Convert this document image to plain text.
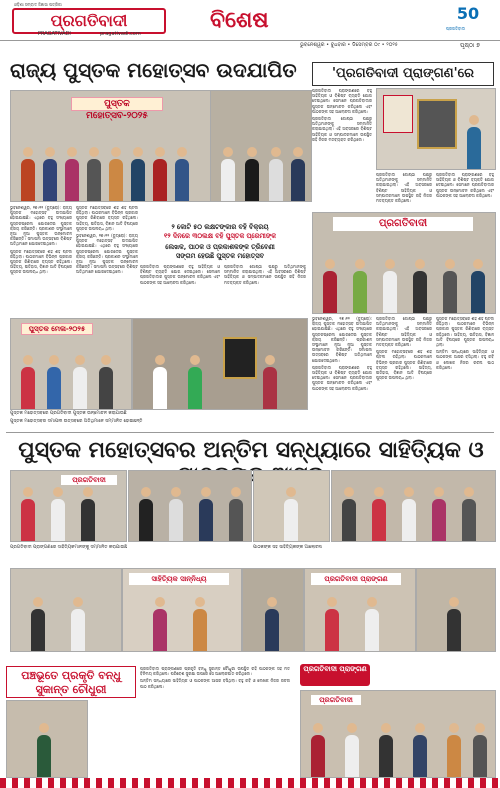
ଓଡ଼ିଶା ସମ୍ବାଦ ଜିଜ୍ଞାସା ପତ୍ରିକା
ପ୍ରଗତିବାଦୀ
PRAGATIVADI	pragativadi.com
ବିଶେଷ	50
ପ୍ରଗତିବାଦୀ
ଭୁବନେଶ୍ୱର • ବୁଧବାର • ଡିସେମ୍ବର ୦୯ • ୨୦୨୫	ପୃଷ୍ଠା ୭
ରାଜ୍ୟ ପୁସ୍ତକ ମହୋତ୍ସବ ଉଦଯାପିତ	'ପ୍ରଗତିବାଦୀ ପ୍ରାଙ୍ଗଣ'ରେ
ପୁସ୍ତକ ମହୋତ୍ସବ-୨୦୨୫

ଭୁବନେଶ୍ୱର, ୧୭।୧୨ (ବ୍ୟୁରୋ): ରାଜ୍ୟ ପୁସ୍ତକ ମହୋତ୍ସବ ଉଦଯାପିତ ହୋଇଯାଇଛି। ଏଥିରେ ବହୁ ସଂଖ୍ୟାରେ ପୁସ୍ତକପ୍ରେମୀ ଯୋଗଦେଇ ପୁସ୍ତକ କ୍ରୟ କରିଛନ୍ତି। ପ୍ରକାଶନ ସଂସ୍ଥାମାନେ ନୂଆ ନୂଆ ପୁସ୍ତକ ଉନ୍ମୋଚନ କରିଛନ୍ତି। ସମାପନୀ ଉତ୍ସବରେ ବିଶିଷ୍ଟ ଅତିଥିମାନେ ଯୋଗଦେଇଥିଲେ।

ପୁସ୍ତକ ମହୋତ୍ସବରେ ଶହ ଶହ ଷ୍ଟଲ ରହିଥିଲା। ପାଠକମାନେ ବିଭିନ୍ନ ପ୍ରକାର ପୁସ୍ତକ କିଣିବାରେ ବ୍ୟସ୍ତ ରହିଥିଲେ। ସାହିତ୍ୟ, ଇତିହାସ, ବିଜ୍ଞାନ ଆଦି ବିଷୟରେ ପୁସ୍ତକ ଉପଲବ୍ଧ ଥିଲା।

ପୁସ୍ତକ ମହୋତ୍ସବରେ ଶହ ଶହ ଷ୍ଟଲ ରହିଥିଲା। ପାଠକମାନେ ବିଭିନ୍ନ ପ୍ରକାର ପୁସ୍ତକ କିଣିବାରେ ବ୍ୟସ୍ତ ରହିଥିଲେ। ସାହିତ୍ୟ, ଇତିହାସ, ବିଜ୍ଞାନ ଆଦି ବିଷୟରେ ପୁସ୍ତକ ଉପଲବ୍ଧ ଥିଲା।

ଭୁବନେଶ୍ୱର, ୧୭।୧୨ (ବ୍ୟୁରୋ): ରାଜ୍ୟ ପୁସ୍ତକ ମହୋତ୍ସବ ଉଦଯାପିତ ହୋଇଯାଇଛି। ଏଥିରେ ବହୁ ସଂଖ୍ୟାରେ ପୁସ୍ତକପ୍ରେମୀ ଯୋଗଦେଇ ପୁସ୍ତକ କ୍ରୟ କରିଛନ୍ତି। ପ୍ରକାଶନ ସଂସ୍ଥାମାନେ ନୂଆ ନୂଆ ପୁସ୍ତକ ଉନ୍ମୋଚନ କରିଛନ୍ତି। ସମାପନୀ ଉତ୍ସବରେ ବିଶିଷ୍ଟ ଅତିଥିମାନେ ଯୋଗଦେଇଥିଲେ।

୨ କୋଟି ୫୦ ଲକ୍ଷଟଙ୍କାର ବହି ବିକ୍ରୟ
୧୨ ଦିନରେ ୩୦ଲକ୍ଷ ବହି ପୁସ୍ତକ ପ୍ରେମୀଙ୍କ
ଲେଖକ, ପାଠକ ଓ ପ୍ରକାଶକଙ୍କ ତ୍ରିବେଣୀ
ସଙ୍ଗମ ହେଉଛି ପୁସ୍ତକ ମହୋତ୍ସବ

ପ୍ରଗତିବାଦୀ ପ୍ରାଙ୍ଗଣରେ ବହୁ ସାହିତ୍ୟିକ ଓ ବିଶିଷ୍ଟ ବ୍ୟକ୍ତି ଯୋଗ ଦେଇଥିଲେ। ସେମାନେ ପ୍ରଗତିବାଦୀର ପୁସ୍ତକ ଉନ୍ମୋଚନ କରିଥିଲେ ଏବଂ ପାଠକଙ୍କ ସହ ଆଲୋଚନା କରିଥିଲେ।

ପ୍ରଗତିବାଦୀ ଗୋଷ୍ଠୀ ପକ୍ଷରୁ ଅତିଥିମାନଙ୍କୁ ସମ୍ମାନିତ କରାଯାଇଥିଲା। ଏହି ଅବସରରେ ବିଶିଷ୍ଟ ସାହିତ୍ୟିକ ଓ ସମ୍ପାଦକମାନେ ଉପସ୍ଥିତ ରହି ନିଜର ମତବ୍ୟକ୍ତ କରିଥିଲେ।

ପୁସ୍ତକ ମେଳା-୨୦୨୫
ପୁସ୍ତକ ମହୋତ୍ସବରେ ପ୍ରଗତିବାଦୀ ପୁସ୍ତକ ଉନ୍ମୋଚନ କରାଯାଉଛି
ପୁସ୍ତକ ମହୋତ୍ସବର ସମାପନୀ ଉତ୍ସବରେ ଅତିଥିମାନେ ସମ୍ମାନିତ ହୋଇଛନ୍ତି

ପ୍ରଗତିବାଦୀ ପ୍ରାଙ୍ଗଣରେ ବହୁ ସାହିତ୍ୟିକ ଓ ବିଶିଷ୍ଟ ବ୍ୟକ୍ତି ଯୋଗ ଦେଇଥିଲେ। ସେମାନେ ପ୍ରଗତିବାଦୀର ପୁସ୍ତକ ଉନ୍ମୋଚନ କରିଥିଲେ ଏବଂ ପାଠକଙ୍କ ସହ ଆଲୋଚନା କରିଥିଲେ।

ପ୍ରଗତିବାଦୀ ଗୋଷ୍ଠୀ ପକ୍ଷରୁ ଅତିଥିମାନଙ୍କୁ ସମ୍ମାନିତ କରାଯାଇଥିଲା। ଏହି ଅବସରରେ ବିଶିଷ୍ଟ ସାହିତ୍ୟିକ ଓ ସମ୍ପାଦକମାନେ ଉପସ୍ଥିତ ରହି ନିଜର ମତବ୍ୟକ୍ତ କରିଥିଲେ।

ପ୍ରଗତିବାଦୀ ଗୋଷ୍ଠୀ ପକ୍ଷରୁ ଅତିଥିମାନଙ୍କୁ ସମ୍ମାନିତ କରାଯାଇଥିଲା। ଏହି ଅବସରରେ ବିଶିଷ୍ଟ ସାହିତ୍ୟିକ ଓ ସମ୍ପାଦକମାନେ ଉପସ୍ଥିତ ରହି ନିଜର ମତବ୍ୟକ୍ତ କରିଥିଲେ।

ପ୍ରଗତିବାଦୀ ପ୍ରାଙ୍ଗଣରେ ବହୁ ସାହିତ୍ୟିକ ଓ ବିଶିଷ୍ଟ ବ୍ୟକ୍ତି ଯୋଗ ଦେଇଥିଲେ। ସେମାନେ ପ୍ରଗତିବାଦୀର ପୁସ୍ତକ ଉନ୍ମୋଚନ କରିଥିଲେ ଏବଂ ପାଠକଙ୍କ ସହ ଆଲୋଚନା କରିଥିଲେ।

ପ୍ରଗତିବାଦୀ

ଭୁବନେଶ୍ୱର, ୧୭।୧୨ (ବ୍ୟୁରୋ): ରାଜ୍ୟ ପୁସ୍ତକ ମହୋତ୍ସବ ଉଦଯାପିତ ହୋଇଯାଇଛି। ଏଥିରେ ବହୁ ସଂଖ୍ୟାରେ ପୁସ୍ତକପ୍ରେମୀ ଯୋଗଦେଇ ପୁସ୍ତକ କ୍ରୟ କରିଛନ୍ତି। ପ୍ରକାଶନ ସଂସ୍ଥାମାନେ ନୂଆ ନୂଆ ପୁସ୍ତକ ଉନ୍ମୋଚନ କରିଛନ୍ତି। ସମାପନୀ ଉତ୍ସବରେ ବିଶିଷ୍ଟ ଅତିଥିମାନେ ଯୋଗଦେଇଥିଲେ।

ପ୍ରଗତିବାଦୀ ପ୍ରାଙ୍ଗଣରେ ବହୁ ସାହିତ୍ୟିକ ଓ ବିଶିଷ୍ଟ ବ୍ୟକ୍ତି ଯୋଗ ଦେଇଥିଲେ। ସେମାନେ ପ୍ରଗତିବାଦୀର ପୁସ୍ତକ ଉନ୍ମୋଚନ କରିଥିଲେ ଏବଂ ପାଠକଙ୍କ ସହ ଆଲୋଚନା କରିଥିଲେ।

ପ୍ରଗତିବାଦୀ ଗୋଷ୍ଠୀ ପକ୍ଷରୁ ଅତିଥିମାନଙ୍କୁ ସମ୍ମାନିତ କରାଯାଇଥିଲା। ଏହି ଅବସରରେ ବିଶିଷ୍ଟ ସାହିତ୍ୟିକ ଓ ସମ୍ପାଦକମାନେ ଉପସ୍ଥିତ ରହି ନିଜର ମତବ୍ୟକ୍ତ କରିଥିଲେ।

ପୁସ୍ତକ ମହୋତ୍ସବରେ ଶହ ଶହ ଷ୍ଟଲ ରହିଥିଲା। ପାଠକମାନେ ବିଭିନ୍ନ ପ୍ରକାର ପୁସ୍ତକ କିଣିବାରେ ବ୍ୟସ୍ତ ରହିଥିଲେ। ସାହିତ୍ୟ, ଇତିହାସ, ବିଜ୍ଞାନ ଆଦି ବିଷୟରେ ପୁସ୍ତକ ଉପଲବ୍ଧ ଥିଲା।

ପୁସ୍ତକ ମହୋତ୍ସବରେ ଶହ ଶହ ଷ୍ଟଲ ରହିଥିଲା। ପାଠକମାନେ ବିଭିନ୍ନ ପ୍ରକାର ପୁସ୍ତକ କିଣିବାରେ ବ୍ୟସ୍ତ ରହିଥିଲେ। ସାହିତ୍ୟ, ଇତିହାସ, ବିଜ୍ଞାନ ଆଦି ବିଷୟରେ ପୁସ୍ତକ ଉପଲବ୍ଧ ଥିଲା।

ଅନ୍ତିମ ସନ୍ଧ୍ୟାରେ ସାହିତ୍ୟିକ ଓ ପାଠକଙ୍କ ଆସର ବସିଥିଲା। ବହୁ କବି ଓ ଲେଖକ ନିଜର ରଚନା ପାଠ କରିଥିଲେ।

ପୁସ୍ତକ ମହୋତ୍ସବର ଅନ୍ତିମ ସନ୍ଧ୍ୟାରେ ସାହିତ୍ୟିକ ଓ
ପ୍ରଗତିବାଦୀ
ପ୍ରଗତିବାଦୀ ପ୍ରାଙ୍ଗଣରେ ସାହିତ୍ୟିକମାନଙ୍କୁ ସମ୍ମାନିତ କରାଯାଉଛି	ପାଠକଙ୍କ ସହ ସାହିତ୍ୟିକଙ୍କ ଆଲୋଚନା
ସାହିତ୍ୟିକ ସାନ୍ନିଧ୍ୟ	ପ୍ରଗତିବାଦୀ ପ୍ରାଙ୍ଗଣ
ପଞ୍ଚଭୂତେ ପ୍ରକୃତି ବନ୍ଧୁ
ସୁକାନ୍ତ ଚୌଧୁରୀ

ପ୍ରଗତିବାଦୀ ପ୍ରାଙ୍ଗଣରେ ପ୍ରକୃତି ବନ୍ଧୁ ସୁକାନ୍ତ ଚୌଧୁରୀ ଉପସ୍ଥିତ ରହି ପାଠକଙ୍କ ସହ ମତ ବିନିମୟ କରିଥିଲେ। ପରିବେଶ ସୁରକ୍ଷା ଉପରେ ସେ ଆଲୋକପାତ କରିଥିଲେ।

ଅନ୍ତିମ ସନ୍ଧ୍ୟାରେ ସାହିତ୍ୟିକ ଓ ପାଠକଙ୍କ ଆସର ବସିଥିଲା। ବହୁ କବି ଓ ଲେଖକ ନିଜର ରଚନା ପାଠ କରିଥିଲେ।

ପ୍ରଗତିବାଦୀ ପ୍ରାଙ୍ଗଣ
ପ୍ରଗତିବାଦୀ
